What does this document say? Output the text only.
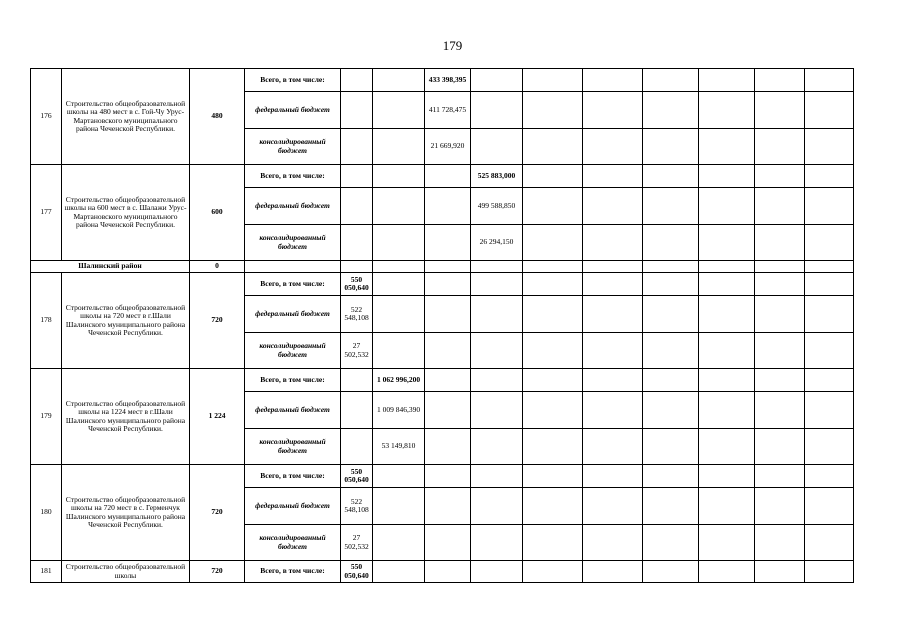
179
176	Строительство общеобразовательной школы на 480 мест в с. Гой-Чу Урус-Мартановского муниципального района Чеченской Республики.	480	Всего, в том числе:			433 398,395							
			федеральный бюджет			411 728,475							
			консолидированный бюджет			21 669,920							
177	Строительство общеобразовательной школы на 600 мест в с. Шалажи Урус-Мартановского муниципального района Чеченской Республики.	600	Всего, в том числе:				525 883,000						
			федеральный бюджет				499 588,850						
			консолидированный бюджет				26 294,150						
Шалинский район		0											
178	Строительство общеобразовательной школы на 720 мест в г.Шали Шалинского муниципального района Чеченской Республики.	720	Всего, в том числе:	550 050,640									
			федеральный бюджет	522 548,108									
			консолидированный бюджет	27 502,532									
179	Строительство общеобразовательной школы на 1224 мест в г.Шали Шалинского муниципального района Чеченской Республики.	1 224	Всего, в том числе:		1 062 996,200								
			федеральный бюджет		1 009 846,390								
			консолидированный бюджет		53 149,810								
180	Строительство общеобразовательной школы на 720 мест в с. Герменчук Шалинского муниципального района Чеченской Республики.	720	Всего, в том числе:	550 050,640									
			федеральный бюджет	522 548,108									
			консолидированный бюджет	27 502,532									
181	Строительство общеобразовательной школы	720	Всего, в том числе:	550 050,640									
